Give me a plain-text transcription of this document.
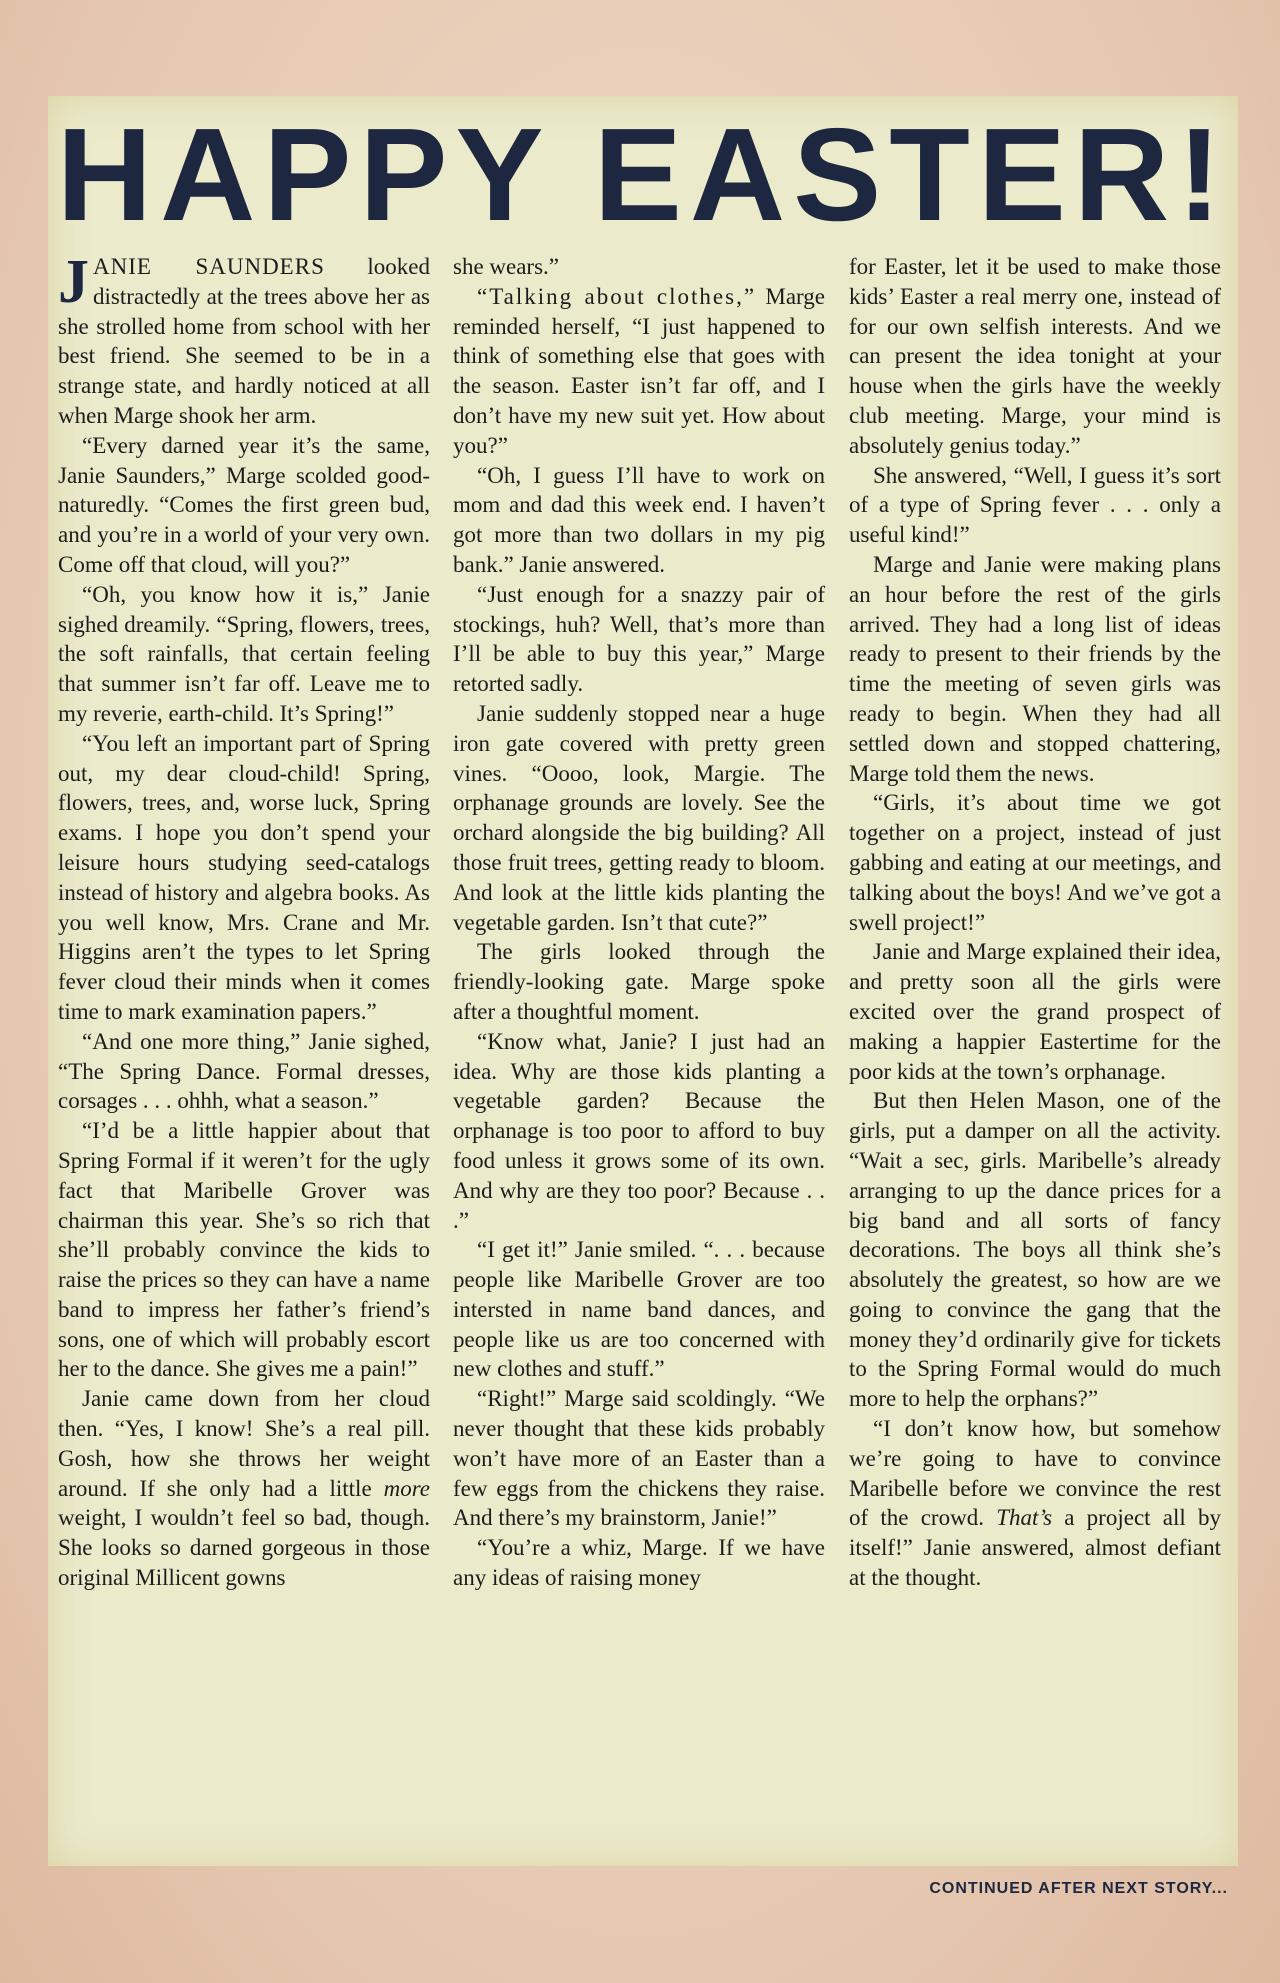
HAPPY EASTER!

JANIE SAUNDERS looked distractedly at the trees above her as she strolled home from school with her best friend. She seemed to be in a strange state, and hardly noticed at all when Marge shook her arm.

“Every darned year it’s the same, Janie Saunders,” Marge scolded good-naturedly. “Comes the first green bud, and you’re in a world of your very own. Come off that cloud, will you?”

“Oh, you know how it is,” Janie sighed dreamily. “Spring, flowers, trees, the soft rainfalls, that certain feeling that summer isn’t far off. Leave me to my reverie, earth-child. It’s Spring!”

“You left an important part of Spring out, my dear cloud-child! Spring, flowers, trees, and, worse luck, Spring exams. I hope you don’t spend your leisure hours studying seed-catalogs instead of history and algebra books. As you well know, Mrs. Crane and Mr. Higgins aren’t the types to let Spring fever cloud their minds when it comes time to mark examination papers.”

“And one more thing,” Janie sighed, “The Spring Dance. Formal dresses, corsages . . . ohhh, what a season.”

“I’d be a little happier about that Spring Formal if it weren’t for the ugly fact that Maribelle Grover was chairman this year. She’s so rich that she’ll probably convince the kids to raise the prices so they can have a name band to impress her father’s friend’s sons, one of which will probably escort her to the dance. She gives me a pain!”

Janie came down from her cloud then. “Yes, I know! She’s a real pill. Gosh, how she throws her weight around. If she only had a little more weight, I wouldn’t feel so bad, though. She looks so darned gorgeous in those original Millicent gowns

she wears.”

“Talking about clothes,” Marge reminded herself, “I just happened to think of something else that goes with the season. Easter isn’t far off, and I don’t have my new suit yet. How about you?”

“Oh, I guess I’ll have to work on mom and dad this week end. I haven’t got more than two dollars in my pig bank.” Janie answered.

“Just enough for a snazzy pair of stockings, huh? Well, that’s more than I’ll be able to buy this year,” Marge retorted sadly.

Janie suddenly stopped near a huge iron gate covered with pretty green vines. “Oooo, look, Margie. The orphanage grounds are lovely. See the orchard alongside the big building? All those fruit trees, getting ready to bloom. And look at the little kids planting the vegetable garden. Isn’t that cute?”

The girls looked through the friendly-looking gate. Marge spoke after a thoughtful moment.

“Know what, Janie? I just had an idea. Why are those kids planting a vegetable garden? Because the orphanage is too poor to afford to buy food unless it grows some of its own. And why are they too poor? Because . . .”

“I get it!” Janie smiled. “. . . because people like Maribelle Grover are too intersted in name band dances, and people like us are too concerned with new clothes and stuff.”

“Right!” Marge said scoldingly. “We never thought that these kids probably won’t have more of an Easter than a few eggs from the chickens they raise. And there’s my brainstorm, Janie!”

“You’re a whiz, Marge. If we have any ideas of raising money

for Easter, let it be used to make those kids’ Easter a real merry one, instead of for our own selfish interests. And we can present the idea tonight at your house when the girls have the weekly club meeting. Marge, your mind is absolutely genius today.”

She answered, “Well, I guess it’s sort of a type of Spring fever . . . only a useful kind!”

Marge and Janie were making plans an hour before the rest of the girls arrived. They had a long list of ideas ready to present to their friends by the time the meeting of seven girls was ready to begin. When they had all settled down and stopped chattering, Marge told them the news.

“Girls, it’s about time we got together on a project, instead of just gabbing and eating at our meetings, and talking about the boys! And we’ve got a swell project!”

Janie and Marge explained their idea, and pretty soon all the girls were excited over the grand prospect of making a happier Eastertime for the poor kids at the town’s orphanage.

But then Helen Mason, one of the girls, put a damper on all the activity. “Wait a sec, girls. Maribelle’s already arranging to up the dance prices for a big band and all sorts of fancy decorations. The boys all think she’s absolutely the greatest, so how are we going to convince the gang that the money they’d ordinarily give for tickets to the Spring Formal would do much more to help the orphans?”

“I don’t know how, but somehow we’re going to have to convince Maribelle before we convince the rest of the crowd. That’s a project all by itself!” Janie answered, almost defiant at the thought.

CONTINUED AFTER NEXT STORY...
